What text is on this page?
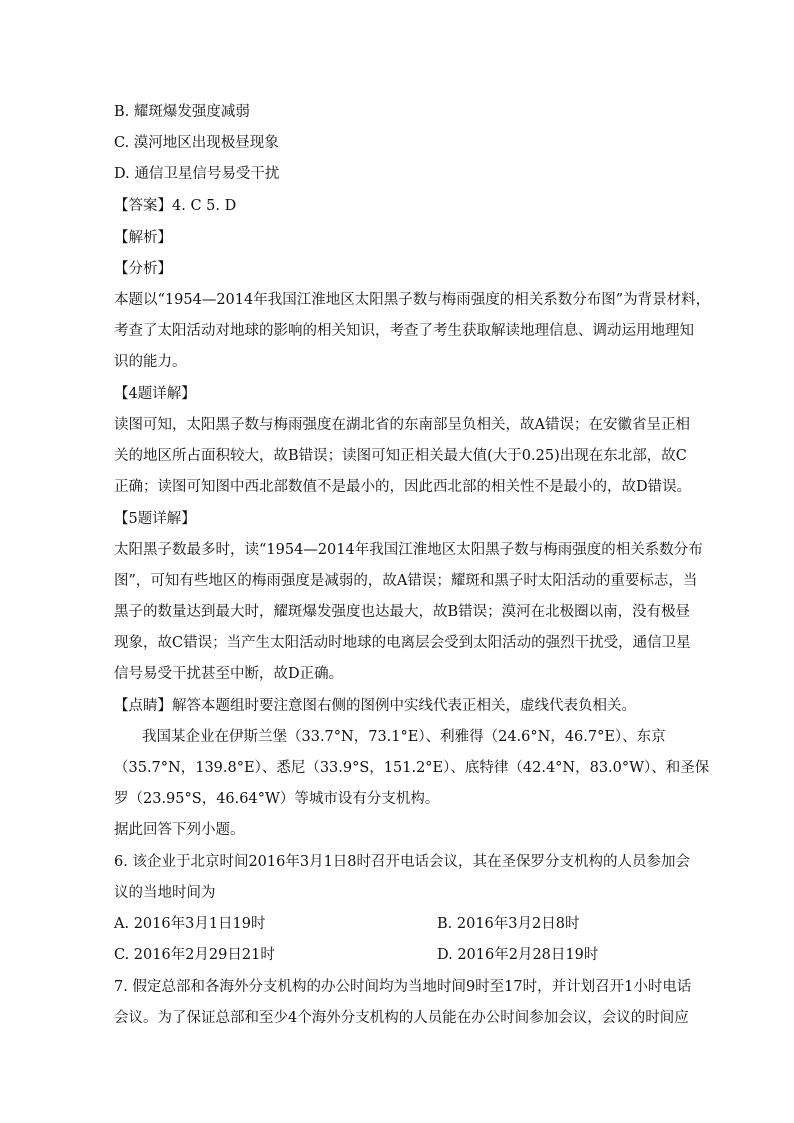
B. 耀斑爆发强度减弱
C. 漠河地区出现极昼现象
D. 通信卫星信号易受干扰
【答案】4. C 5. D
【解析】
【分析】
本题以“1954—2014年我国江淮地区太阳黑子数与梅雨强度的相关系数分布图”为背景材料，
考查了太阳活动对地球的影响的相关知识，考查了考生获取解读地理信息、调动运用地理知
识的能力。
【4题详解】
读图可知，太阳黑子数与梅雨强度在湖北省的东南部呈负相关，故A错误；在安徽省呈正相
关的地区所占面积较大，故B错误；读图可知正相关最大值(大于0.25)出现在东北部，故C
正确；读图可知图中西北部数值不是最小的，因此西北部的相关性不是最小的，故D错误。
【5题详解】
太阳黑子数最多时，读“1954—2014年我国江淮地区太阳黑子数与梅雨强度的相关系数分布
图”，可知有些地区的梅雨强度是减弱的，故A错误；耀斑和黑子时太阳活动的重要标志，当
黑子的数量达到最大时，耀斑爆发强度也达最大，故B错误；漠河在北极圈以南，没有极昼
现象，故C错误；当产生太阳活动时地球的电离层会受到太阳活动的强烈干扰受，通信卫星
信号易受干扰甚至中断，故D正确。
【点睛】解答本题组时要注意图右侧的图例中实线代表正相关，虚线代表负相关。
我国某企业在伊斯兰堡（33.7°N，73.1°E）、利雅得（24.6°N，46.7°E）、东京
（35.7°N，139.8°E）、悉尼（33.9°S，151.2°E）、底特律（42.4°N，83.0°W）、和圣保
罗（23.95°S，46.64°W）等城市设有分支机构。
据此回答下列小题。
6. 该企业于北京时间2016年3月1日8时召开电话会议，其在圣保罗分支机构的人员参加会
议的当地时间为
A. 2016年3月1日19时	B. 2016年3月2日8时
C. 2016年2月29日21时	D. 2016年2月28日19时
7. 假定总部和各海外分支机构的办公时间均为当地时间9时至17时，并计划召开1小时电话
会议。为了保证总部和至少4个海外分支机构的人员能在办公时间参加会议，会议的时间应
